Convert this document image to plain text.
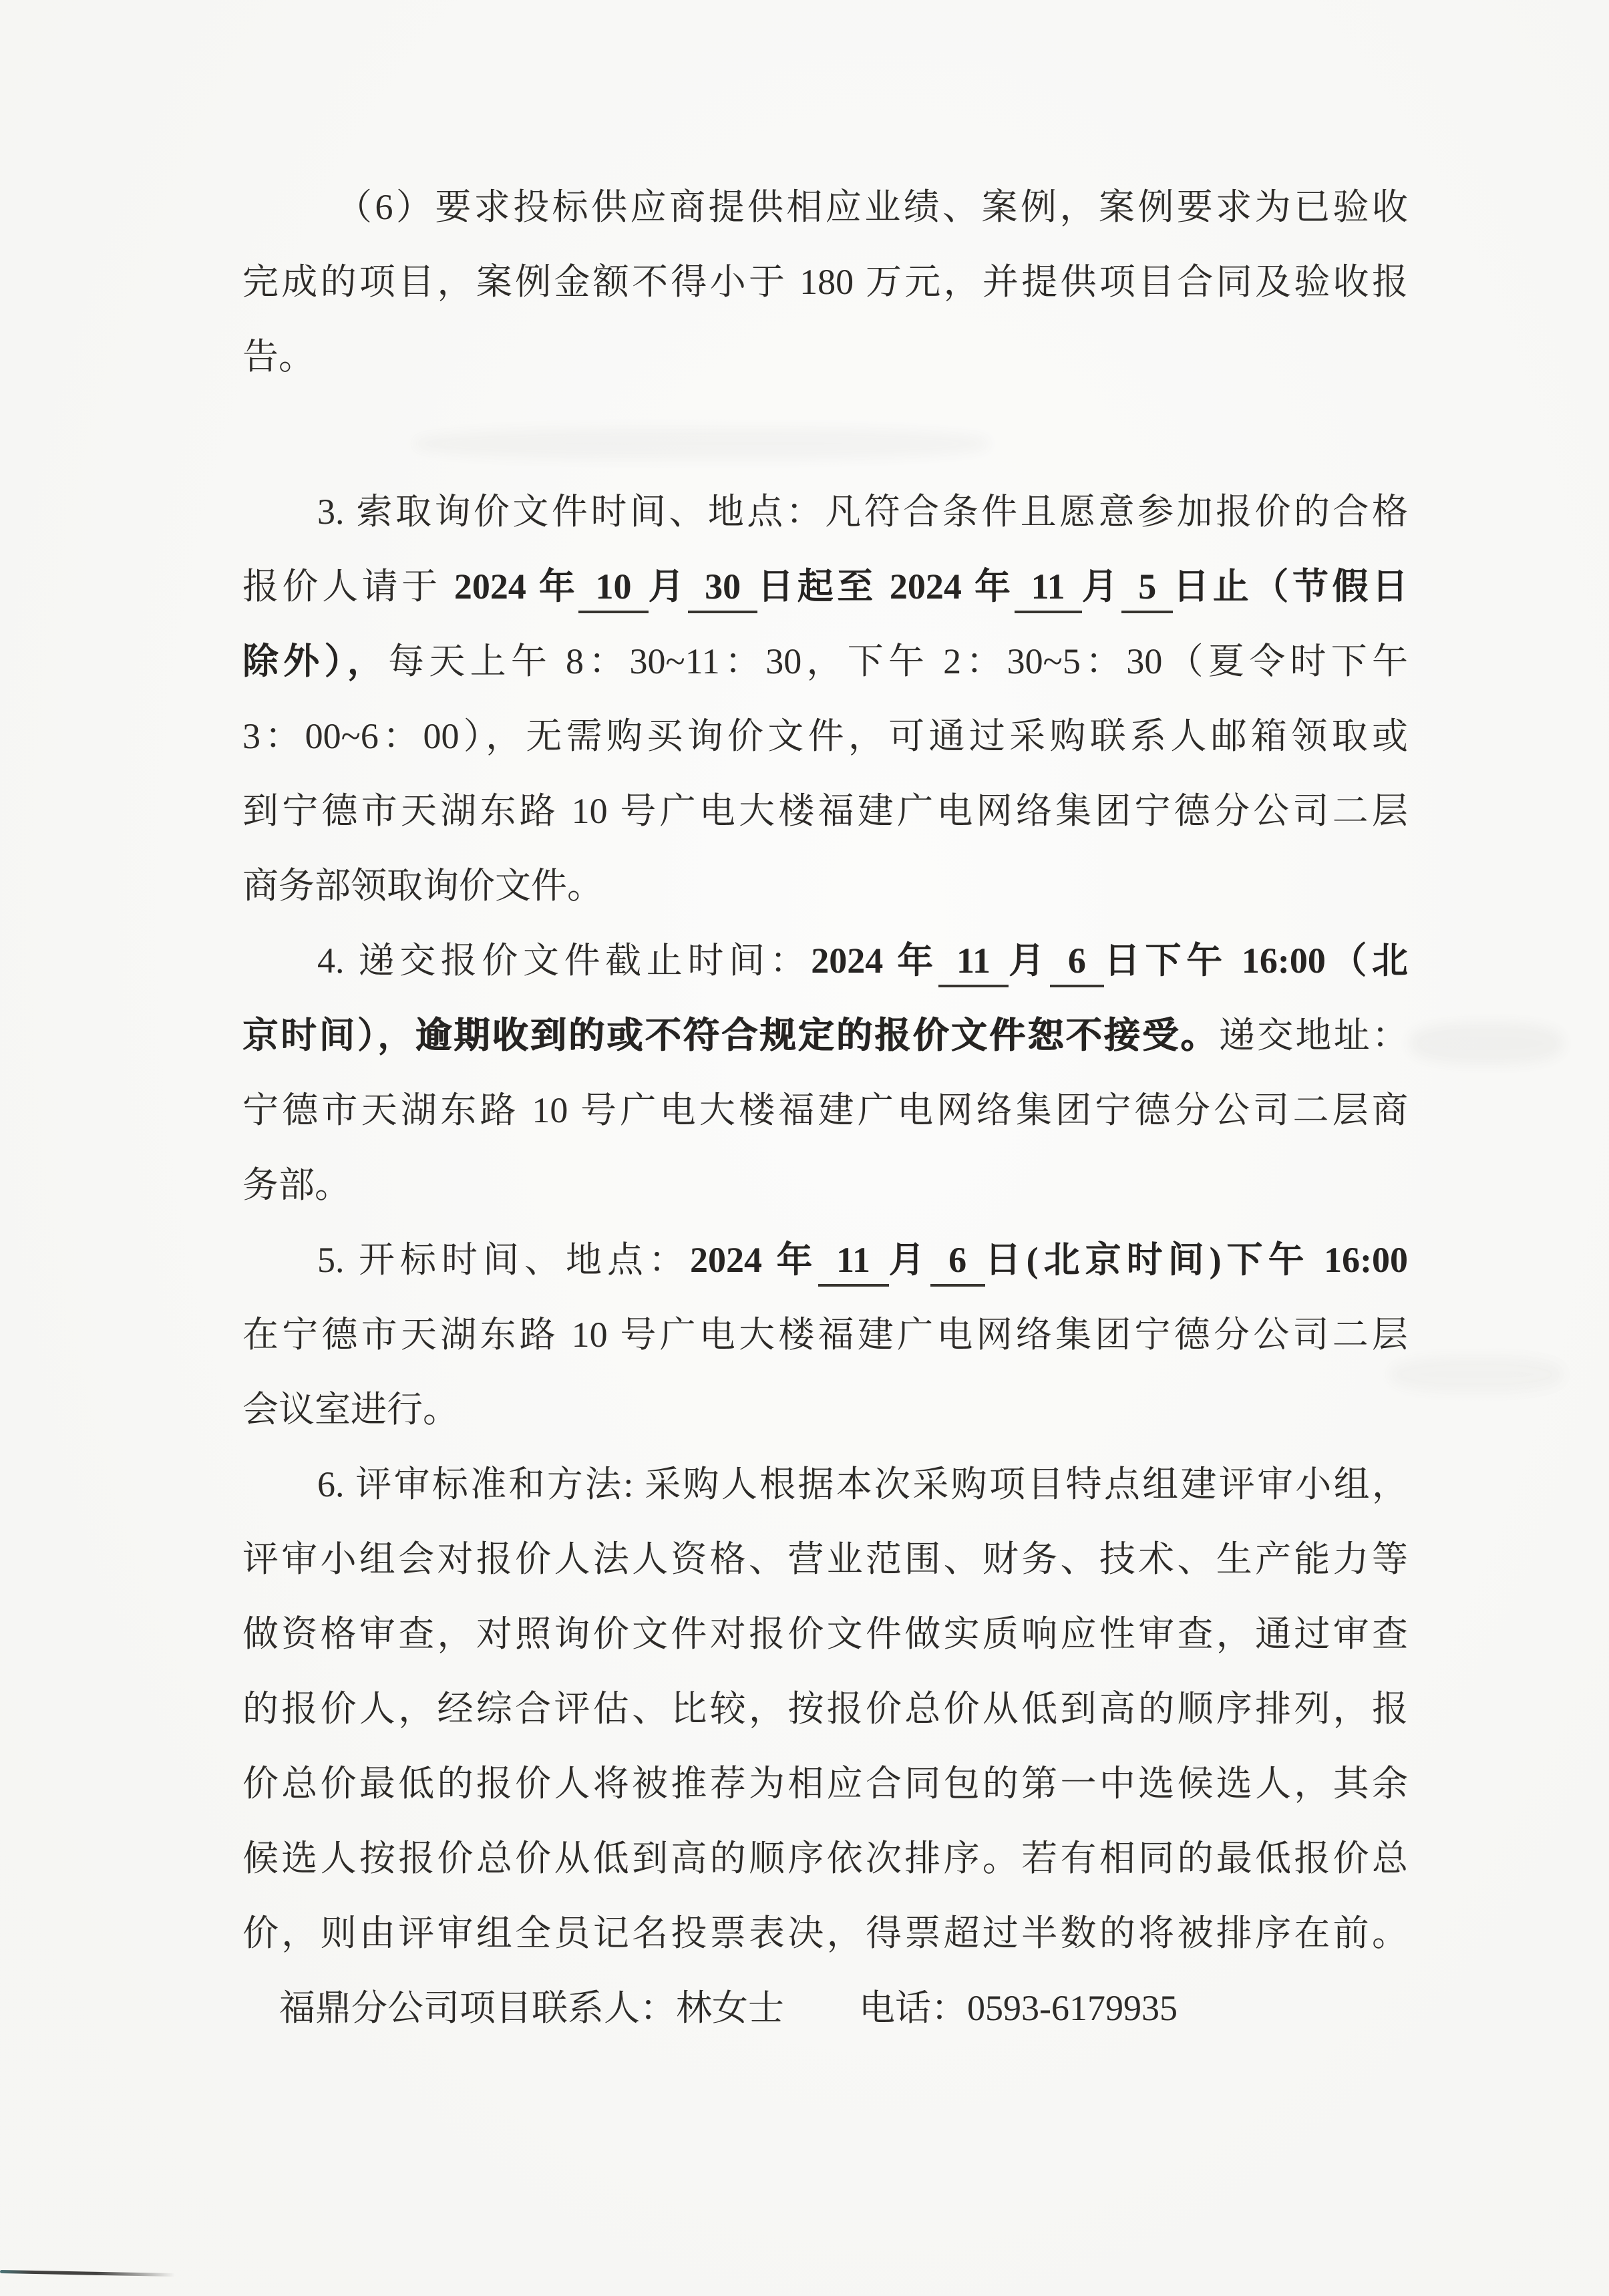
（6）要求投标供应商提供相应业绩、案例，案例要求为已验收
完成的项目，案例金额不得小于 180 万元，并提供项目合同及验收报
告。
3. 索取询价文件时间、地点：凡符合条件且愿意参加报价的合格
报价人请于 2024 年 10 月 30 日起至 2024 年 11 月 5 日止（节假日
除外），每天上午 8：30~11：30，下午 2：30~5：30（夏令时下午
3：00~6：00），无需购买询价文件，可通过采购联系人邮箱领取或
到宁德市天湖东路 10 号广电大楼福建广电网络集团宁德分公司二层
商务部领取询价文件。
4. 递交报价文件截止时间：2024 年 11 月 6 日下午 16:00（北
京时间），逾期收到的或不符合规定的报价文件恕不接受。递交地址：
宁德市天湖东路 10 号广电大楼福建广电网络集团宁德分公司二层商
务部。
5. 开标时间、地点：2024 年 11 月 6 日(北京时间)下午 16:00
在宁德市天湖东路 10 号广电大楼福建广电网络集团宁德分公司二层
会议室进行。
6. 评审标准和方法: 采购人根据本次采购项目特点组建评审小组，
评审小组会对报价人法人资格、营业范围、财务、技术、生产能力等
做资格审查，对照询价文件对报价文件做实质响应性审查，通过审查
的报价人，经综合评估、比较，按报价总价从低到高的顺序排列，报
价总价最低的报价人将被推荐为相应合同包的第一中选候选人，其余
候选人按报价总价从低到高的顺序依次排序。若有相同的最低报价总
价，则由评审组全员记名投票表决，得票超过半数的将被排序在前。
福鼎分公司项目联系人：林女士 电话：0593-6179935
